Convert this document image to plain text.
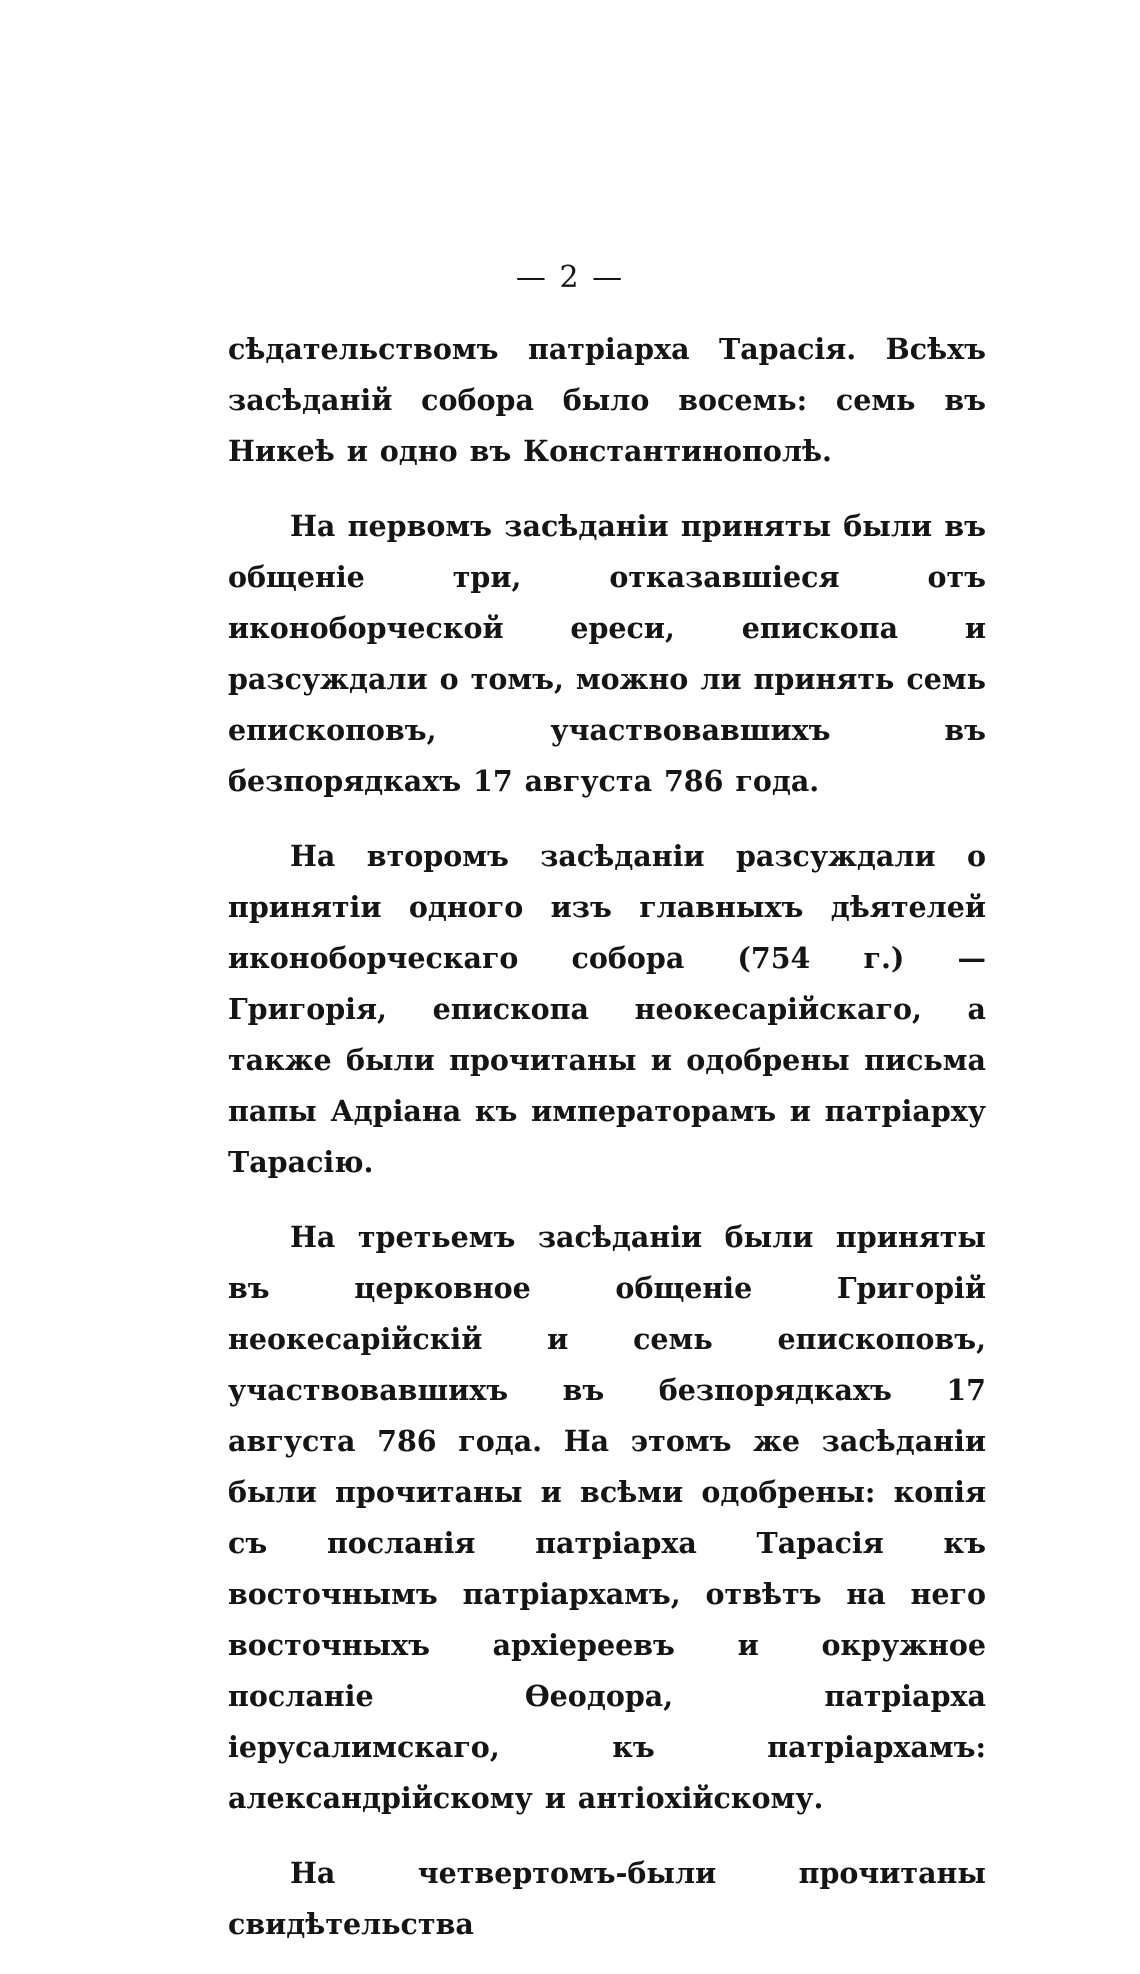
— 2 —

сѣдательствомъ патріарха Тарасія. Всѣхъ засѣданій собора было восемь: семь въ Никеѣ и одно въ Константинополѣ.

На первомъ засѣданіи приняты были въ общеніе три, отказавшіеся отъ иконоборческой ереси, епископа и разсуждали о томъ, можно ли принять семь епископовъ, участвовавшихъ въ безпорядкахъ 17 августа 786 года.

На второмъ засѣданіи разсуждали о принятіи одного изъ главныхъ дѣятелей иконоборческаго собора (754 г.) — Григорія, епископа неокесарійскаго, а также были прочитаны и одобрены письма папы Адріана къ императорамъ и патріарху Тарасію.

На третьемъ засѣданіи были приняты въ церковное общеніе Григорій неокесарійскій и семь епископовъ, участвовавшихъ въ безпорядкахъ 17 августа 786 года. На этомъ же засѣданіи были прочитаны и всѣми одобрены: копія съ посланія патріарха Тарасія къ восточнымъ патріархамъ, отвѣтъ на него восточныхъ архіереевъ и окружное посланіе Ѳеодора, патріарха іерусалимскаго, къ патріархамъ: александрійскому и антіохійскому.

На четвертомъ-были прочитаны свидѣтельства
